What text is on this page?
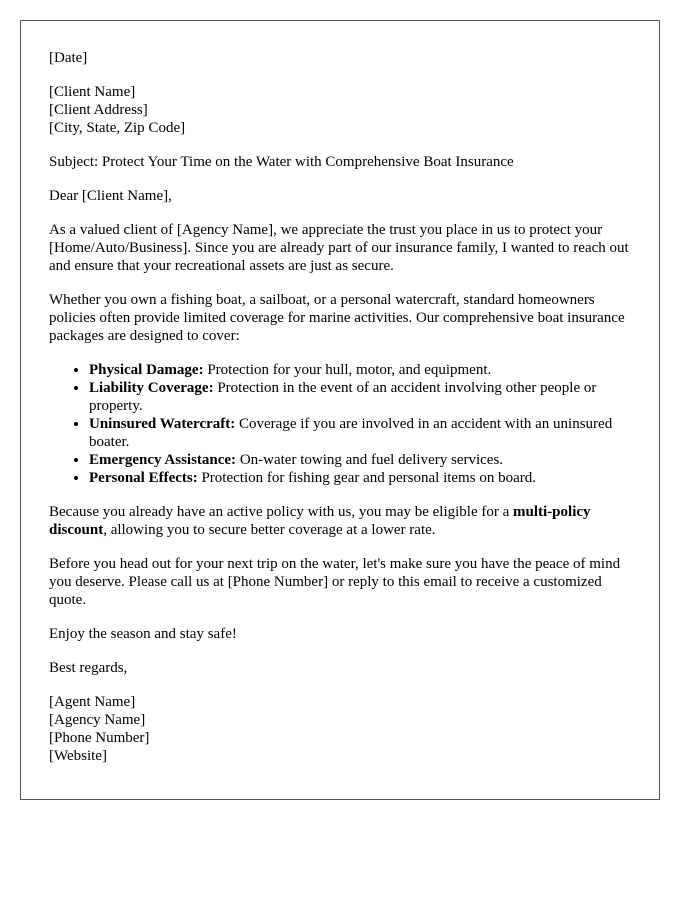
[Date]

[Client Name]
[Client Address]
[City, State, Zip Code]

Subject: Protect Your Time on the Water with Comprehensive Boat Insurance

Dear [Client Name],

As a valued client of [Agency Name], we appreciate the trust you place in us to protect your [Home/Auto/Business]. Since you are already part of our insurance family, I wanted to reach out and ensure that your recreational assets are just as secure.

Whether you own a fishing boat, a sailboat, or a personal watercraft, standard homeowners policies often provide limited coverage for marine activities. Our comprehensive boat insurance packages are designed to cover:

• Physical Damage: Protection for your hull, motor, and equipment.
• Liability Coverage: Protection in the event of an accident involving other people or property.
• Uninsured Watercraft: Coverage if you are involved in an accident with an uninsured boater.
• Emergency Assistance: On-water towing and fuel delivery services.
• Personal Effects: Protection for fishing gear and personal items on board.

Because you already have an active policy with us, you may be eligible for a multi-policy discount, allowing you to secure better coverage at a lower rate.

Before you head out for your next trip on the water, let's make sure you have the peace of mind you deserve. Please call us at [Phone Number] or reply to this email to receive a customized quote.

Enjoy the season and stay safe!

Best regards,

[Agent Name]
[Agency Name]
[Phone Number]
[Website]
